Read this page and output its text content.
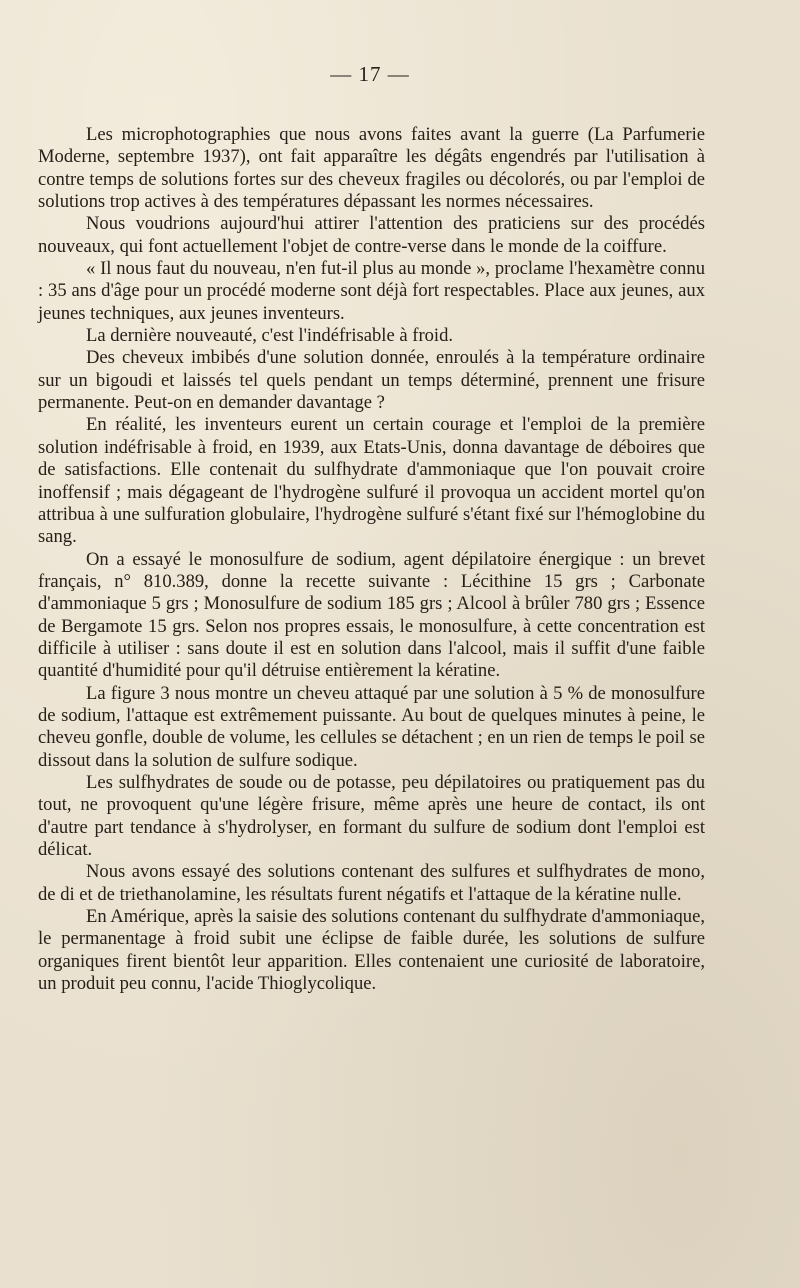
— 17 —

Les microphotographies que nous avons faites avant la guerre (La Parfumerie Moderne, septembre 1937), ont fait apparaître les dégâts engendrés par l'utilisation à contre temps de solutions fortes sur des cheveux fragiles ou décolorés, ou par l'emploi de solutions trop actives à des températures dépassant les normes nécessaires.

Nous voudrions aujourd'hui attirer l'attention des praticiens sur des procédés nouveaux, qui font actuellement l'objet de contre-verse dans le monde de la coiffure.

« Il nous faut du nouveau, n'en fut-il plus au monde », proclame l'hexamètre connu : 35 ans d'âge pour un procédé moderne sont déjà fort respectables. Place aux jeunes, aux jeunes techniques, aux jeunes inventeurs.

La dernière nouveauté, c'est l'indéfrisable à froid.

Des cheveux imbibés d'une solution donnée, enroulés à la température ordinaire sur un bigoudi et laissés tel quels pendant un temps déterminé, prennent une frisure permanente. Peut-on en demander davantage ?

En réalité, les inventeurs eurent un certain courage et l'emploi de la première solution indéfrisable à froid, en 1939, aux Etats-Unis, donna davantage de déboires que de satisfactions. Elle contenait du sulfhydrate d'ammoniaque que l'on pouvait croire inoffensif ; mais dégageant de l'hydrogène sulfuré il provoqua un accident mortel qu'on attribua à une sulfuration globulaire, l'hydrogène sulfuré s'étant fixé sur l'hémoglobine du sang.

On a essayé le monosulfure de sodium, agent dépilatoire énergique : un brevet français, n° 810.389, donne la recette suivante : Lécithine 15 grs ; Carbonate d'ammoniaque 5 grs ; Monosulfure de sodium 185 grs ; Alcool à brûler 780 grs ; Essence de Bergamote 15 grs. Selon nos propres essais, le monosulfure, à cette concentration est difficile à utiliser : sans doute il est en solution dans l'alcool, mais il suffit d'une faible quantité d'humidité pour qu'il détruise entièrement la kératine.

La figure 3 nous montre un cheveu attaqué par une solution à 5 % de monosulfure de sodium, l'attaque est extrêmement puissante. Au bout de quelques minutes à peine, le cheveu gonfle, double de volume, les cellules se détachent ; en un rien de temps le poil se dissout dans la solution de sulfure sodique.

Les sulfhydrates de soude ou de potasse, peu dépilatoires ou pratiquement pas du tout, ne provoquent qu'une légère frisure, même après une heure de contact, ils ont d'autre part tendance à s'hydrolyser, en formant du sulfure de sodium dont l'emploi est délicat.

Nous avons essayé des solutions contenant des sulfures et sulfhydrates de mono, de di et de triethanolamine, les résultats furent négatifs et l'attaque de la kératine nulle.

En Amérique, après la saisie des solutions contenant du sulfhydrate d'ammoniaque, le permanentage à froid subit une éclipse de faible durée, les solutions de sulfure organiques firent bientôt leur apparition. Elles contenaient une curiosité de laboratoire, un produit peu connu, l'acide Thioglycolique.
